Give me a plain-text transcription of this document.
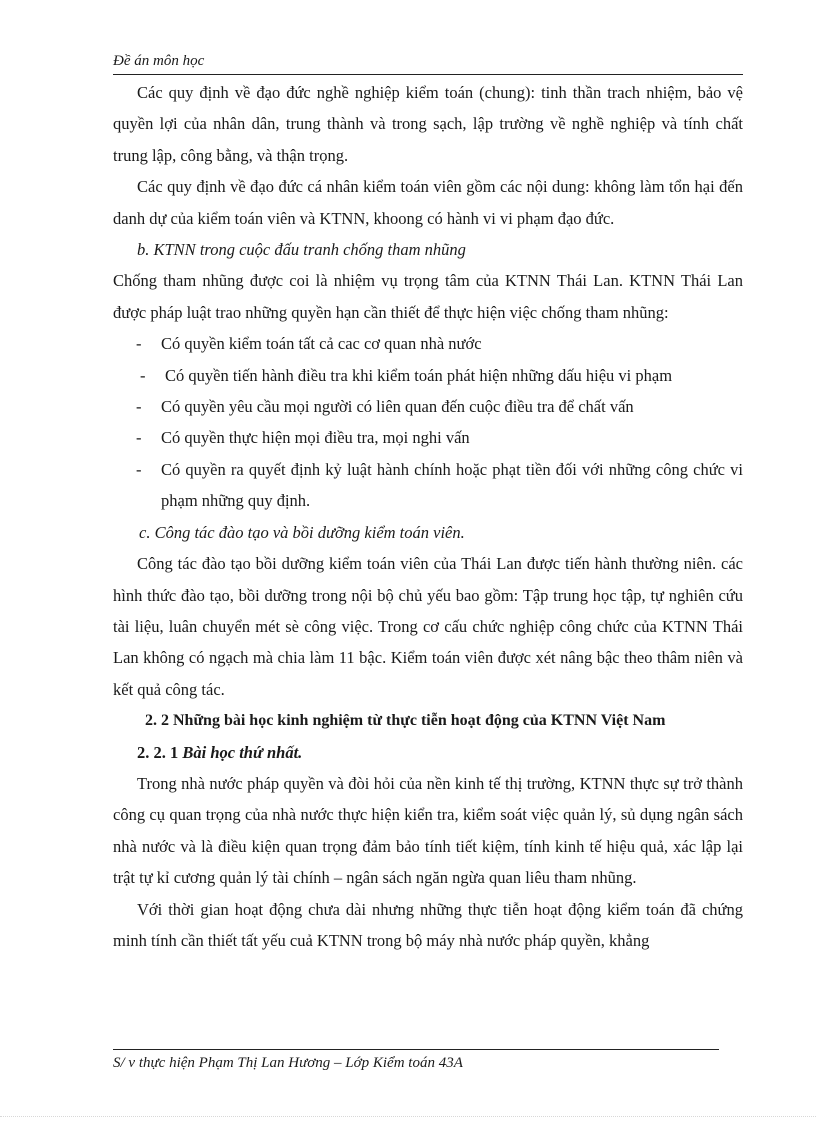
Đề án môn học

Các quy định về đạo đức nghề nghiệp kiểm toán (chung): tinh thần trach nhiệm, bảo vệ quyền lợi của nhân dân, trung thành và trong sạch, lập trường về nghề nghiệp và tính chất trung lập, công bằng, và thận trọng.

Các quy định về đạo đức cá nhân kiểm toán viên gồm các nội dung: không làm tổn hại đến danh dự của kiểm toán viên và KTNN, khoong có hành vi vi phạm đạo đức.

b. KTNN trong cuộc đấu tranh chống tham nhũng

Chống tham nhũng được coi là nhiệm vụ trọng tâm của KTNN Thái Lan. KTNN Thái Lan được pháp luật trao những quyền hạn cần thiết để thực hiện việc chống tham nhũng:

- Có quyền kiểm toán tất cả cac cơ quan nhà nước

- Có quyền tiến hành điều tra khi kiểm toán phát hiện những dấu hiệu vi phạm

- Có quyền yêu cầu mọi người có liên quan đến cuộc điều tra để chất vấn

- Có quyền thực hiện mọi điều tra, mọi nghi vấn

- Có quyền ra quyết định kỷ luật hành chính hoặc phạt tiền đối với những công chức vi phạm những quy định.

c. Công tác đào tạo và bồi dưỡng kiểm toán viên.

Công tác đào tạo bồi dưỡng kiểm toán viên của Thái Lan được tiến hành thường niên. các hình thức đào tạo, bồi dưỡng trong nội bộ chủ yếu bao gồm: Tập trung học tập, tự nghiên cứu tài liệu, luân chuyển mét sè công việc. Trong cơ cấu chức nghiệp công chức của KTNN Thái Lan không có ngạch mà chia làm 11 bậc. Kiểm toán viên được xét nâng bậc theo thâm niên và kết quả công tác.

2. 2 Những bài học kinh nghiệm từ thực tiễn hoạt động của KTNN Việt Nam

2. 2. 1 Bài học thứ nhất.

Trong nhà nước pháp quyền và đòi hỏi của nền kinh tế thị trường, KTNN thực sự trở thành công cụ quan trọng của nhà nước thực hiện kiển tra, kiểm soát việc quản lý, sủ dụng ngân sách nhà nước và là điều kiện quan trọng đảm bảo tính tiết kiệm, tính kinh tế hiệu quả, xác lập lại trật tự kỉ cương quản lý tài chính – ngân sách ngăn ngừa quan liêu tham nhũng.

Với thời gian hoạt động chưa dài nhưng những thực tiễn hoạt động kiểm toán đã chứng minh tính cần thiết tất yếu cuả KTNN trong bộ máy nhà nước pháp quyền, khẳng

S/ v thực hiện Phạm Thị Lan Hương – Lớp Kiểm toán 43A
